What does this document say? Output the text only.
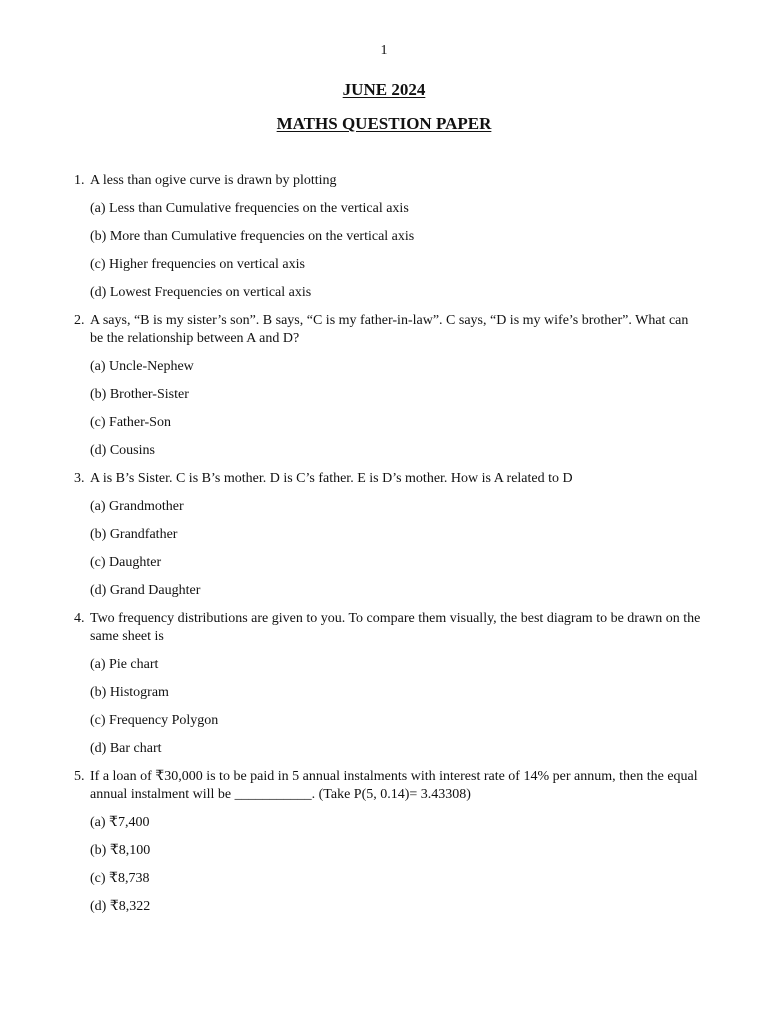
1
JUNE 2024
MATHS QUESTION PAPER
1. A less than ogive curve is drawn by plotting
(a) Less than Cumulative frequencies on the vertical axis
(b) More than Cumulative frequencies on the vertical axis
(c) Higher frequencies on vertical axis
(d) Lowest Frequencies on vertical axis
2. A says, “B is my sister’s son”. B says, “C is my father-in-law”. C says, “D is my wife’s brother”. What can be the relationship between A and D?
(a) Uncle-Nephew
(b) Brother-Sister
(c) Father-Son
(d) Cousins
3. A is B’s Sister. C is B’s mother. D is C’s father. E is D’s mother. How is A related to D
(a) Grandmother
(b) Grandfather
(c) Daughter
(d) Grand Daughter
4. Two frequency distributions are given to you. To compare them visually, the best diagram to be drawn on the same sheet is
(a) Pie chart
(b) Histogram
(c) Frequency Polygon
(d) Bar chart
5. If a loan of ₹30,000 is to be paid in 5 annual instalments with interest rate of 14% per annum, then the equal annual instalment will be ___________. (Take P(5, 0.14)= 3.43308)
(a) ₹7,400
(b) ₹8,100
(c) ₹8,738
(d) ₹8,322
